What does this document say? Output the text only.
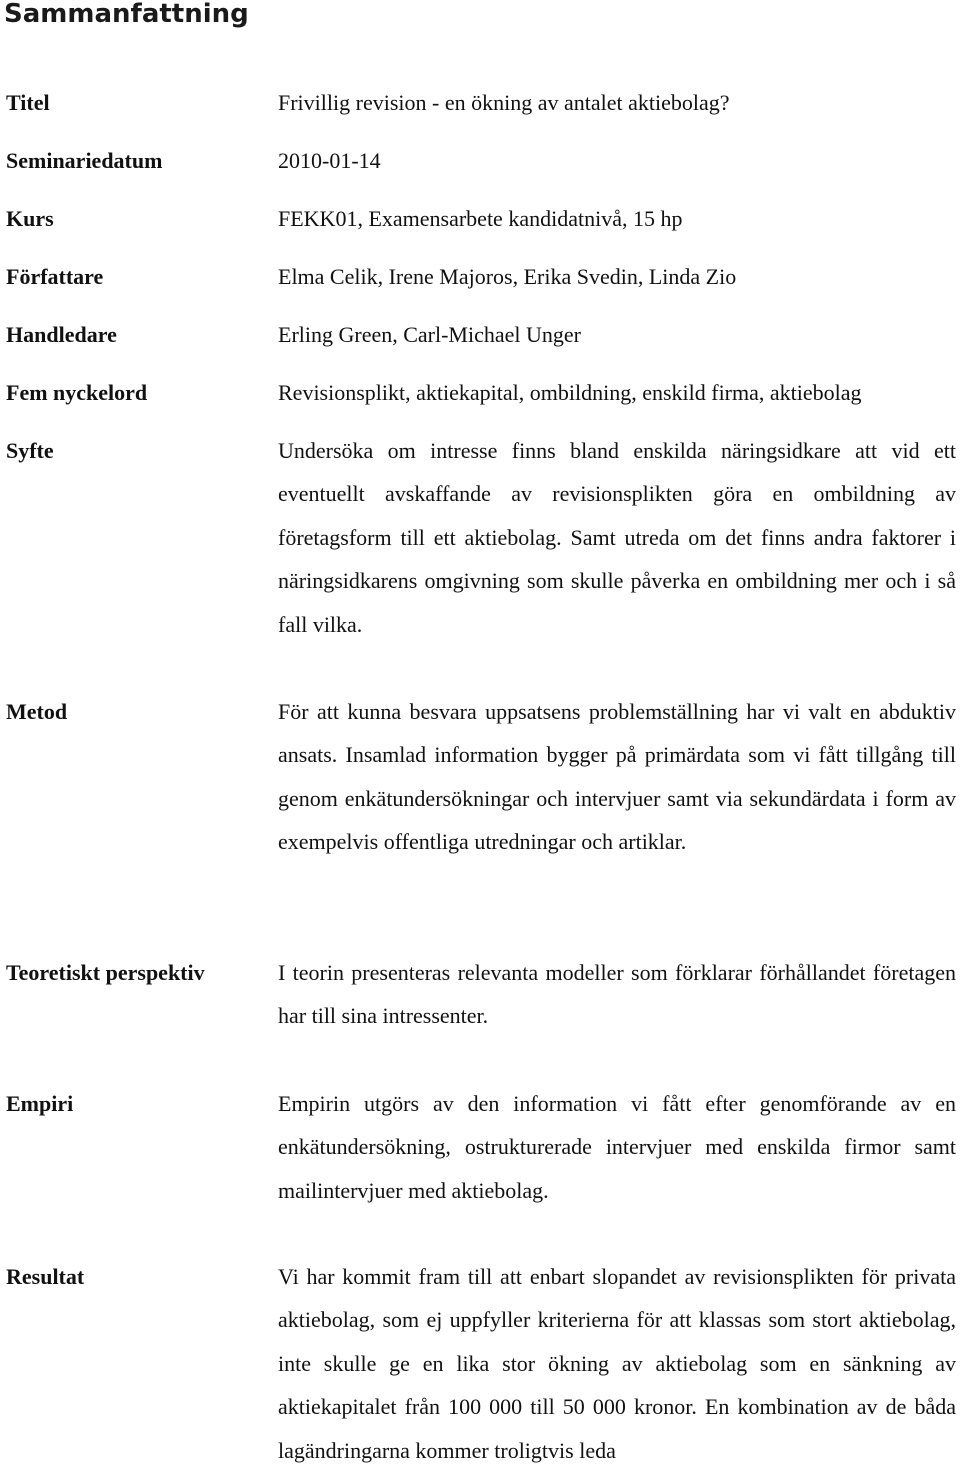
Sammanfattning
Titel	Frivillig revision - en ökning av antalet aktiebolag?
Seminariedatum	2010-01-14
Kurs	FEKK01, Examensarbete kandidatnivå, 15 hp
Författare	Elma Celik, Irene Majoros, Erika Svedin, Linda Zio
Handledare	Erling Green, Carl-Michael Unger
Fem nyckelord	Revisionsplikt, aktiekapital, ombildning, enskild firma, aktiebolag
Syfte	Undersöka om intresse finns bland enskilda näringsidkare att vid ett eventuellt avskaffande av revisionsplikten göra en ombildning av företagsform till ett aktiebolag. Samt utreda om det finns andra faktorer i näringsidkarens omgivning som skulle påverka en ombildning mer och i så fall vilka.
Metod	För att kunna besvara uppsatsens problemställning har vi valt en abduktiv ansats. Insamlad information bygger på primärdata som vi fått tillgång till genom enkätundersökningar och intervjuer samt via sekundärdata i form av exempelvis offentliga utredningar och artiklar.
Teoretiskt perspektiv	I teorin presenteras relevanta modeller som förklarar förhållandet företagen har till sina intressenter.
Empiri	Empirin utgörs av den information vi fått efter genomförande av en enkätundersökning, ostrukturerade intervjuer med enskilda firmor samt mailintervjuer med aktiebolag.
Resultat	Vi har kommit fram till att enbart slopandet av revisionsplikten för privata aktiebolag, som ej uppfyller kriterierna för att klassas som stort aktiebolag, inte skulle ge en lika stor ökning av aktiebolag som en sänkning av aktiekapitalet från 100 000 till 50 000 kronor. En kombination av de båda lagändringarna kommer troligtvis leda
